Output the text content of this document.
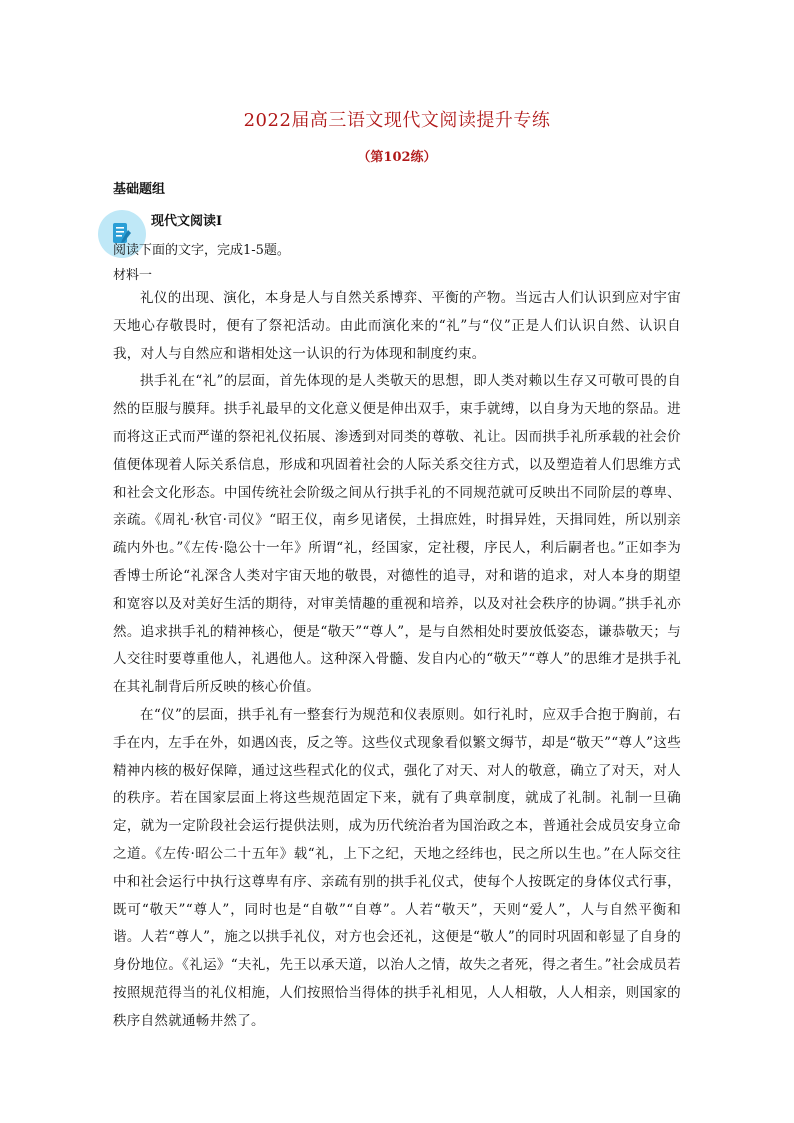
2022届高三语文现代文阅读提升专练
（第102练）
基础题组
现代文阅读Ⅰ
阅读下面的文字，完成1-5题。
材料一

礼仪的出现、演化，本身是人与自然关系博弈、平衡的产物。当远古人们认识到应对宇宙天地心存敬畏时，便有了祭祀活动。由此而演化来的“礼”与“仪”正是人们认识自然、认识自我，对人与自然应和谐相处这一认识的行为体现和制度约束。

拱手礼在“礼”的层面，首先体现的是人类敬天的思想，即人类对赖以生存又可敬可畏的自然的臣服与膜拜。拱手礼最早的文化意义便是伸出双手，束手就缚，以自身为天地的祭品。进而将这正式而严谨的祭祀礼仪拓展、渗透到对同类的尊敬、礼让。因而拱手礼所承载的社会价值便体现着人际关系信息，形成和巩固着社会的人际关系交往方式，以及塑造着人们思维方式和社会文化形态。中国传统社会阶级之间从行拱手礼的不同规范就可反映出不同阶层的尊卑、亲疏。《周礼·秋官·司仪》“昭王仪，南乡见诸侯，土揖庶姓，时揖异姓，天揖同姓，所以别亲疏内外也。”《左传·隐公十一年》所谓“礼，经国家，定社稷，序民人，利后嗣者也。”正如李为香博士所论“礼深含人类对宇宙天地的敬畏，对德性的追寻，对和谐的追求，对人本身的期望和宽容以及对美好生活的期待，对审美情趣的重视和培养，以及对社会秩序的协调。”拱手礼亦然。追求拱手礼的精神核心，便是“敬天”“尊人”，是与自然相处时要放低姿态，谦恭敬天；与人交往时要尊重他人，礼遇他人。这种深入骨髓、发自内心的“敬天”“尊人”的思维才是拱手礼在其礼制背后所反映的核心价值。

在“仪”的层面，拱手礼有一整套行为规范和仪表原则。如行礼时，应双手合抱于胸前，右手在内，左手在外，如遇凶丧，反之等。这些仪式现象看似繁文缛节，却是“敬天”“尊人”这些精神内核的极好保障，通过这些程式化的仪式，强化了对天、对人的敬意，确立了对天，对人的秩序。若在国家层面上将这些规范固定下来，就有了典章制度，就成了礼制。礼制一旦确定，就为一定阶段社会运行提供法则，成为历代统治者为国治政之本，普通社会成员安身立命之道。《左传·昭公二十五年》载“礼，上下之纪，天地之经纬也，民之所以生也。”在人际交往中和社会运行中执行这尊卑有序、亲疏有别的拱手礼仪式，使每个人按既定的身体仪式行事，既可“敬天”“尊人”，同时也是“自敬”“自尊”。人若“敬天”，天则“爱人”，人与自然平衡和谐。人若“尊人”，施之以拱手礼仪，对方也会还礼，这便是“敬人”的同时巩固和彰显了自身的身份地位。《礼运》“夫礼，先王以承天道，以治人之情，故失之者死，得之者生。”社会成员若按照规范得当的礼仪相施，人们按照恰当得体的拱手礼相见，人人相敬，人人相亲，则国家的秩序自然就通畅井然了。
